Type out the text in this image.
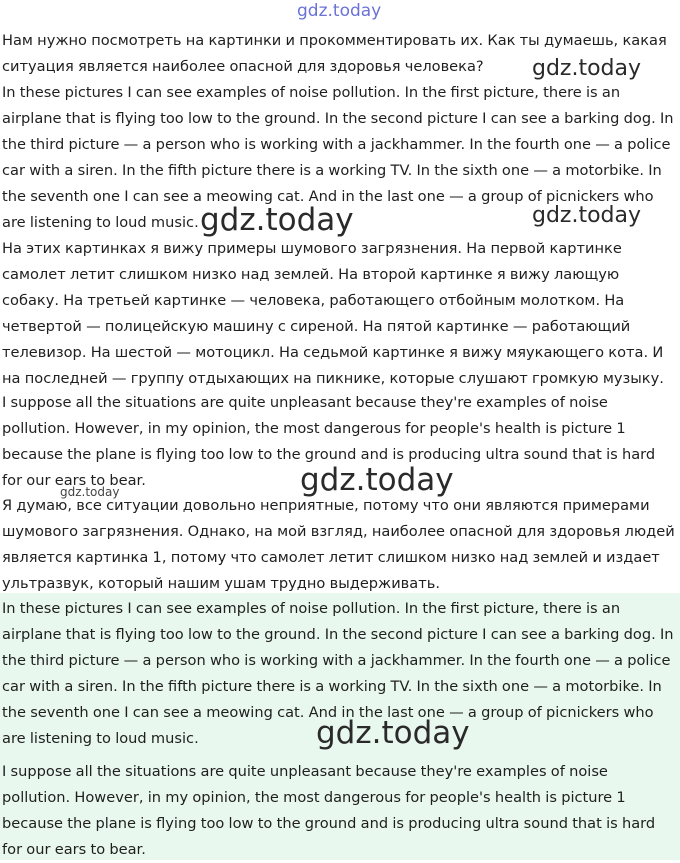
Нам нужно посмотреть на картинки и прокомментировать их. Как ты думаешь, какая ситуация является наиболее опасной для здоровья человека?

In these pictures I can see examples of noise pollution. In the first picture, there is an airplane that is flying too low to the ground. In the second picture I can see a barking dog. In the third picture — a person who is working with a jackhammer. In the fourth one — a police car with a siren. In the fifth picture there is a working TV. In the sixth one — a motorbike. In the seventh one I can see a meowing cat. And in the last one — a group of picnickers who are listening to loud music.

На этих картинках я вижу примеры шумового загрязнения. На первой картинке самолет летит слишком низко над землей. На второй картинке я вижу лающую собаку. На третьей картинке — человека, работающего отбойным молотком. На четвертой — полицейскую машину с сиреной. На пятой картинке — работающий телевизор. На шестой — мотоцикл. На седьмой картинке я вижу мяукающего кота. И на последней — группу отдыхающих на пикнике, которые слушают громкую музыку.

I suppose all the situations are quite unpleasant because they're examples of noise pollution. However, in my opinion, the most dangerous for people's health is picture 1 because the plane is flying too low to the ground and is producing ultra sound that is hard for our ears to bear.

Я думаю, все ситуации довольно неприятные, потому что они являются примерами шумового загрязнения. Однако, на мой взгляд, наиболее опасной для здоровья людей является картинка 1, потому что самолет летит слишком низко над землей и издает ультразвук, который нашим ушам трудно выдерживать.

In these pictures I can see examples of noise pollution. In the first picture, there is an airplane that is flying too low to the ground. In the second picture I can see a barking dog. In the third picture — a person who is working with a jackhammer. In the fourth one — a police car with a siren. In the fifth picture there is a working TV. In the sixth one — a motorbike. In the seventh one I can see a meowing cat. And in the last one — a group of picnickers who are listening to loud music.

I suppose all the situations are quite unpleasant because they're examples of noise pollution. However, in my opinion, the most dangerous for people's health is picture 1 because the plane is flying too low to the ground and is producing ultra sound that is hard for our ears to bear.

gdz.today
gdz.today
gdz.today	gdz.today
gdz.today
gdz.today
gdz.today
